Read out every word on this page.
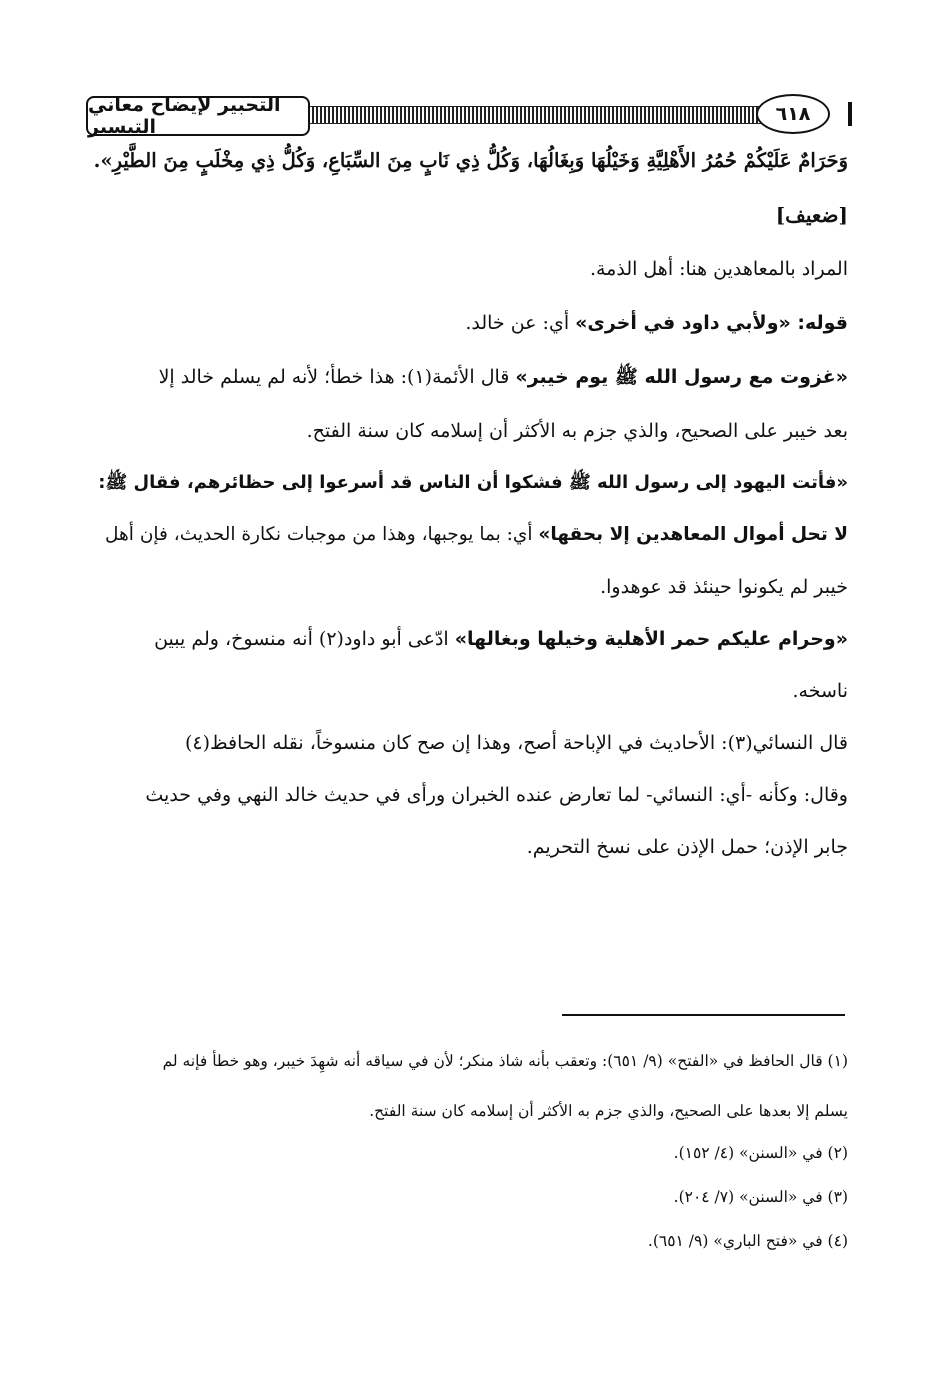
التحبير لإيضاح معاني التيسير
٦١٨
وَحَرَامٌ عَلَيْكُمْ حُمُرُ الأَهْلِيَّةِ وَخَيْلُهَا وَبِغَالُهَا، وَكُلُّ ذِي نَابٍ مِنَ السِّبَاعِ، وَكُلُّ ذِي مِخْلَبٍ مِنَ الطَّيْرِ».
[ضعيف]
المراد بالمعاهدين هنا: أهل الذمة.
قوله: «ولأبي داود في أخرى» أي: عن خالد.
«غزوت مع رسول الله ﷺ يوم خيبر» قال الأئمة(١): هذا خطأ؛ لأنه لم يسلم خالد إلا
بعد خيبر على الصحيح، والذي جزم به الأكثر أن إسلامه كان سنة الفتح.
«فأتت اليهود إلى رسول الله ﷺ فشكوا أن الناس قد أسرعوا إلى حظائرهم، فقال ﷺ:
لا تحل أموال المعاهدين إلا بحقها» أي: بما يوجبها، وهذا من موجبات نكارة الحديث، فإن أهل
خيبر لم يكونوا حينئذ قد عوهدوا.
«وحرام عليكم حمر الأهلية وخيلها وبغالها» ادّعى أبو داود(٢) أنه منسوخ، ولم يبين
ناسخه.
قال النسائي(٣): الأحاديث في الإباحة أصح، وهذا إن صح كان منسوخاً، نقله الحافظ(٤)
وقال: وكأنه -أي: النسائي- لما تعارض عنده الخبران ورأى في حديث خالد النهي وفي حديث
جابر الإذن؛ حمل الإذن على نسخ التحريم.
(١) قال الحافظ في «الفتح» (٩/ ٦٥١): وتعقب بأنه شاذ منكر؛ لأن في سياقه أنه شهِدَ خيبر، وهو خطأ فإنه لم
يسلم إلا بعدها على الصحيح، والذي جزم به الأكثر أن إسلامه كان سنة الفتح.
(٢) في «السنن» (٤/ ١٥٢).
(٣) في «السنن» (٧/ ٢٠٤).
(٤) في «فتح الباري» (٩/ ٦٥١).
